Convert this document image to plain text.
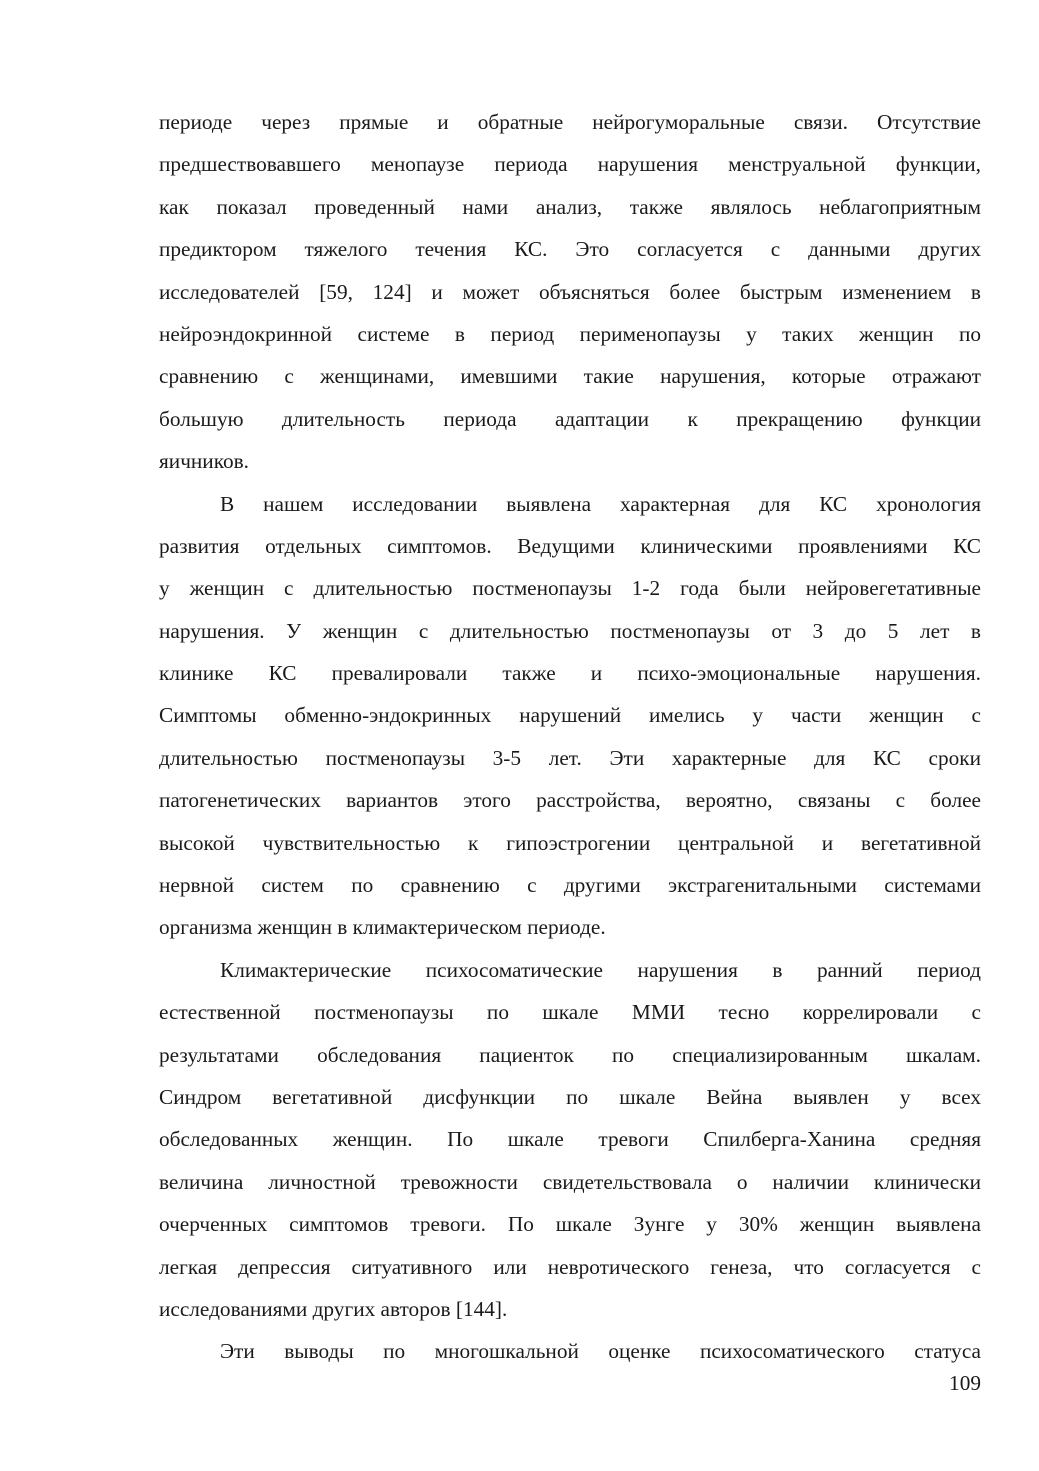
периоде через прямые и обратные нейрогуморальные связи. Отсутствие
предшествовавшего менопаузе периода нарушения менструальной функции,
как показал проведенный нами анализ, также являлось неблагоприятным
предиктором тяжелого течения КС. Это согласуется с данными других
исследователей [59, 124] и может объясняться более быстрым изменением в
нейроэндокринной системе в период перименопаузы у таких женщин по
сравнению с женщинами, имевшими такие нарушения, которые отражают
большую длительность периода адаптации к прекращению функции
яичников.
В нашем исследовании выявлена характерная для КС хронология
развития отдельных симптомов. Ведущими клиническими проявлениями КС
у женщин с длительностью постменопаузы 1-2 года были нейровегетативные
нарушения. У женщин с длительностью постменопаузы от 3 до 5 лет в
клинике КС превалировали также и психо-эмоциональные нарушения.
Симптомы обменно-эндокринных нарушений имелись у части женщин с
длительностью постменопаузы 3-5 лет. Эти характерные для КС сроки
патогенетических вариантов этого расстройства, вероятно, связаны с более
высокой чувствительностью к гипоэстрогении центральной и вегетативной
нервной систем по сравнению с другими экстрагенитальными системами
организма женщин в климактерическом периоде.
Климактерические психосоматические нарушения в ранний период
естественной постменопаузы по шкале ММИ тесно коррелировали с
результатами обследования пациенток по специализированным шкалам.
Синдром вегетативной дисфункции по шкале Вейна выявлен у всех
обследованных женщин. По шкале тревоги Спилберга-Ханина средняя
величина личностной тревожности свидетельствовала о наличии клинически
очерченных симптомов тревоги. По шкале Зунге у 30% женщин выявлена
легкая депрессия ситуативного или невротического генеза, что согласуется с
исследованиями других авторов [144].
Эти выводы по многошкальной оценке психосоматического статуса
109
